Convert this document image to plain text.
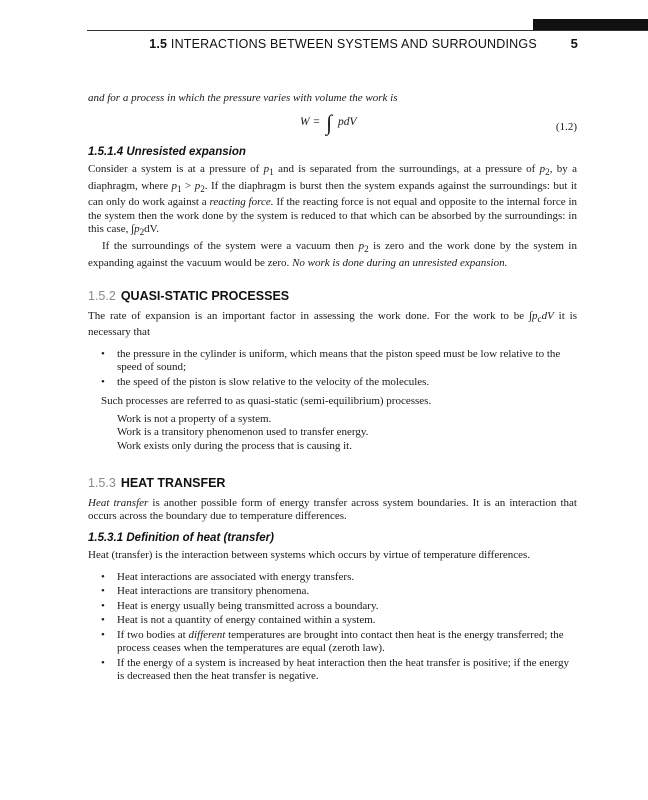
1.5 INTERACTIONS BETWEEN SYSTEMS AND SURROUNDINGS	5

and for a process in which the pressure varies with volume the work is

W = ∫ pdV	(1.2)
1.5.1.4 Unresisted expansion

Consider a system is at a pressure of $p_1$ and is separated from the surroundings, at a pressure of $p_2$, by a diaphragm, where $p_1 > p_2$. If the diaphragm is burst then the system expands against the surroundings: but it can only do work against a reacting force. If the reacting force is not equal and opposite to the internal force in the system then the work done by the system is reduced to that which can be absorbed by the surroundings: in this case, $\int p_2dV$.

If the surroundings of the system were a vacuum then $p_2$ is zero and the work done by the system in expanding against the vacuum would be zero. No work is done during an unresisted expansion.

1.5.2 QUASI-STATIC PROCESSES

The rate of expansion is an important factor in assessing the work done. For the work to be $\int p_cdV$ it is necessary that

• the pressure in the cylinder is uniform, which means that the piston speed must be low relative to the speed of sound;
• the speed of the piston is slow relative to the velocity of the molecules.

Such processes are referred to as quasi-static (semi-equilibrium) processes.

Work is not a property of a system.
Work is a transitory phenomenon used to transfer energy.
Work exists only during the process that is causing it.
1.5.3 HEAT TRANSFER

Heat transfer is another possible form of energy transfer across system boundaries. It is an interaction that occurs across the boundary due to temperature differences.

1.5.3.1 Definition of heat (transfer)

Heat (transfer) is the interaction between systems which occurs by virtue of temperature differences.

• Heat interactions are associated with energy transfers.
• Heat interactions are transitory phenomena.
• Heat is energy usually being transmitted across a boundary.
• Heat is not a quantity of energy contained within a system.
• If two bodies at different temperatures are brought into contact then heat is the energy transferred; the process ceases when the temperatures are equal (zeroth law).
• If the energy of a system is increased by heat interaction then the heat transfer is positive; if the energy is decreased then the heat transfer is negative.
